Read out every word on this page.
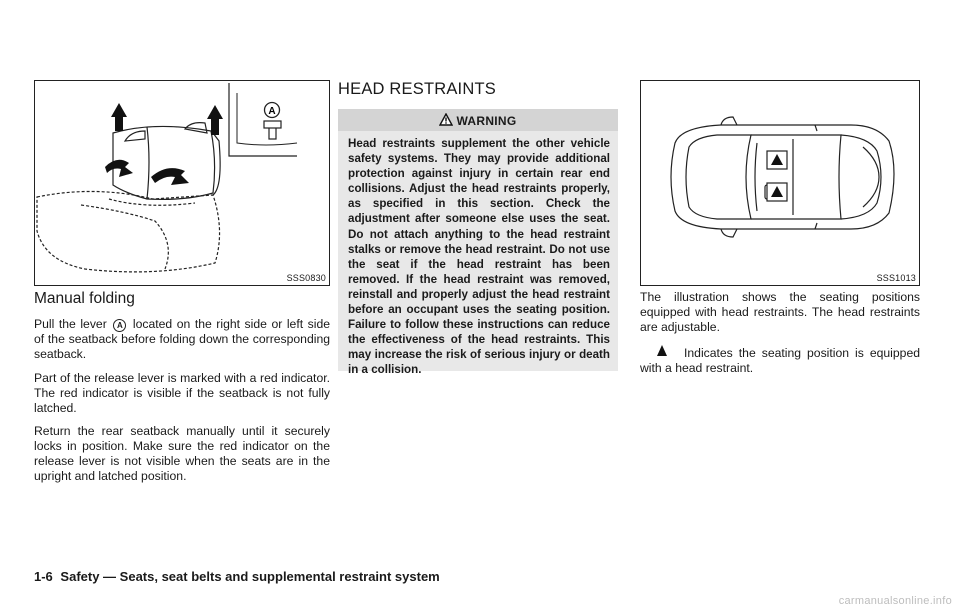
A
SSS0830
Manual folding

Pull the lever A located on the right side or left side of the seatback before folding down the corresponding seatback.

Part of the release lever is marked with a red indicator. The red indicator is visible if the seatback is not fully latched.

Return the rear seatback manually until it securely locks in position. Make sure the red indicator on the release lever is not visible when the seats are in the upright and latched position.

HEAD RESTRAINTS
WARNING

Head restraints supplement the other vehicle safety systems. They may provide additional protection against injury in certain rear end collisions. Adjust the head restraints properly, as specified in this section. Check the adjustment after someone else uses the seat. Do not attach anything to the head restraint stalks or remove the head restraint. Do not use the seat if the head restraint has been removed. If the head restraint was removed, reinstall and properly adjust the head restraint before an occupant uses the seating position. Failure to follow these instructions can reduce the effectiveness of the head restraints. This may increase the risk of serious injury or death in a collision.

SSS1013

The illustration shows the seating positions equipped with head restraints. The head restraints are adjustable.

Indicates the seating position is equipped with a head restraint.

1-6 Safety — Seats, seat belts and supplemental restraint system
carmanualsonline.info
